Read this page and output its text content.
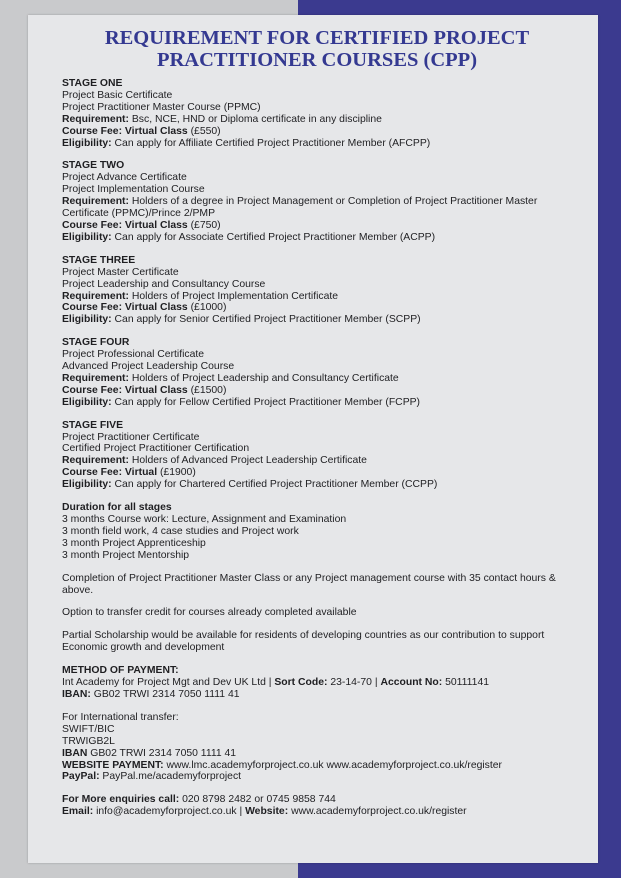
REQUIREMENT FOR CERTIFIED PROJECT
PRACTITIONER COURSES (CPP)
STAGE ONE
Project Basic Certificate
Project Practitioner Master Course (PPMC)
Requirement: Bsc, NCE, HND or Diploma certificate in any discipline
Course Fee: Virtual Class (£550)
Eligibility: Can apply for Affiliate Certified Project Practitioner Member (AFCPP)
STAGE TWO
Project Advance Certificate
Project Implementation Course
Requirement: Holders of a degree in Project Management or Completion of Project Practitioner Master Certificate (PPMC)/Prince 2/PMP
Course Fee: Virtual Class (£750)
Eligibility: Can apply for Associate Certified Project Practitioner Member (ACPP)
STAGE THREE
Project Master Certificate
Project Leadership and Consultancy Course
Requirement: Holders of Project Implementation Certificate
Course Fee: Virtual Class (£1000)
Eligibility: Can apply for Senior Certified Project Practitioner Member (SCPP)
STAGE FOUR
Project Professional Certificate
Advanced Project Leadership Course
Requirement: Holders of Project Leadership and Consultancy Certificate
Course Fee: Virtual Class (£1500)
Eligibility: Can apply for Fellow Certified Project Practitioner Member (FCPP)
STAGE FIVE
Project Practitioner Certificate
Certified Project Practitioner Certification
Requirement: Holders of Advanced Project Leadership Certificate
Course Fee: Virtual (£1900)
Eligibility: Can apply for Chartered Certified Project Practitioner Member (CCPP)
Duration for all stages
3 months Course work: Lecture, Assignment and Examination
3 month field work, 4 case studies and Project work
3 month Project Apprenticeship
3 month Project Mentorship
Completion of Project Practitioner Master Class or any Project management course with 35 contact hours & above.
Option to transfer credit for courses already completed available
Partial Scholarship would be available for residents of developing countries as our contribution to support Economic growth and development
METHOD OF PAYMENT:
Int Academy for Project Mgt and Dev UK Ltd | Sort Code: 23-14-70 | Account No: 50111141
IBAN: GB02 TRWI 2314 7050 1111 41
For International transfer:
SWIFT/BIC
TRWIGB2L
IBAN GB02 TRWI 2314 7050 1111 41
WEBSITE PAYMENT: www.lmc.academyforproject.co.uk www.academyforproject.co.uk/register
PayPal: PayPal.me/academyforproject
For More enquiries call: 020 8798 2482 or 0745 9858 744
Email: info@academyforproject.co.uk | Website: www.academyforproject.co.uk/register
